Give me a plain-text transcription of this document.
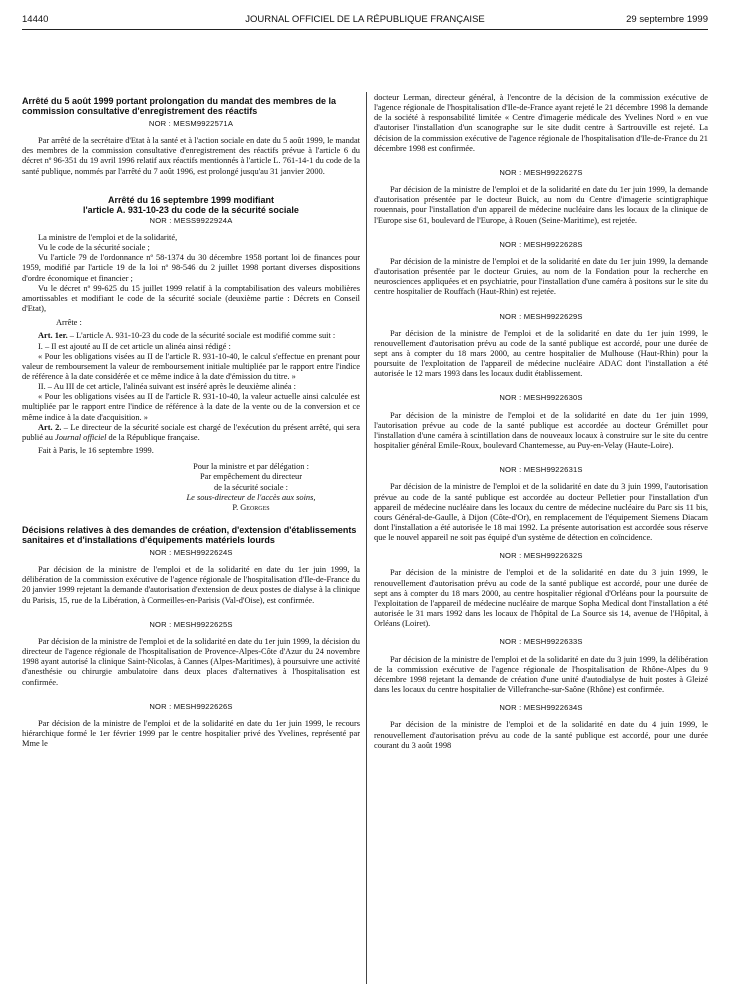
14440	JOURNAL OFFICIEL DE LA RÉPUBLIQUE FRANÇAISE	29 septembre 1999
Arrêté du 5 août 1999 portant prolongation du mandat des membres de la commission consultative d'enregistrement des réactifs
NOR : MESM9922571A

Par arrêté de la secrétaire d'Etat à la santé et à l'action sociale en date du 5 août 1999, le mandat des membres de la commission consultative d'enregistrement des réactifs prévue à l'article 6 du décret nº 96-351 du 19 avril 1996 relatif aux réactifs mentionnés à l'article L. 761-14-1 du code de la santé publique, nommés par l'arrêté du 7 août 1996, est prolongé jusqu'au 31 janvier 2000.

Arrêté du 16 septembre 1999 modifiant
l'article A. 931-10-23 du code de la sécurité sociale
NOR : MESS9922924A

La ministre de l'emploi et de la solidarité,

Vu le code de la sécurité sociale ;

Vu l'article 79 de l'ordonnance nº 58-1374 du 30 décembre 1958 portant loi de finances pour 1959, modifié par l'article 19 de la loi nº 98-546 du 2 juillet 1998 portant diverses dispositions d'ordre économique et financier ;

Vu le décret nº 99-625 du 15 juillet 1999 relatif à la comptabilisation des valeurs mobilières amortissables et modifiant le code de la sécurité sociale (deuxième partie : Décrets en Conseil d'Etat),

Arrête :

Art. 1er. – L'article A. 931-10-23 du code de la sécurité sociale est modifié comme suit :

I. – Il est ajouté au II de cet article un alinéa ainsi rédigé :

« Pour les obligations visées au II de l'article R. 931-10-40, le calcul s'effectue en prenant pour valeur de remboursement la valeur de remboursement initiale multipliée par le rapport entre l'indice de référence à la date considérée et ce même indice à la date d'émission du titre. »

II. – Au III de cet article, l'alinéa suivant est inséré après le deuxième alinéa :

« Pour les obligations visées au II de l'article R. 931-10-40, la valeur actuelle ainsi calculée est multipliée par le rapport entre l'indice de référence à la date de la vente ou de la conversion et ce même indice à la date d'acquisition. »

Art. 2. – Le directeur de la sécurité sociale est chargé de l'exécution du présent arrêté, qui sera publié au Journal officiel de la République française.

Fait à Paris, le 16 septembre 1999.

Pour la ministre et par délégation :
Par empêchement du directeur
de la sécurité sociale :
Le sous-directeur de l'accès aux soins,
P. Georges
Décisions relatives à des demandes de création, d'extension d'établissements sanitaires et d'installations d'équipements matériels lourds
NOR : MESH9922624S

Par décision de la ministre de l'emploi et de la solidarité en date du 1er juin 1999, la délibération de la commission exécutive de l'agence régionale de l'hospitalisation d'Ile-de-France du 20 janvier 1999 rejetant la demande d'autorisation d'extension de deux postes de dialyse à la clinique du Parisis, 15, rue de la Libération, à Cormeilles-en-Parisis (Val-d'Oise), est confirmée.

NOR : MESH9922625S

Par décision de la ministre de l'emploi et de la solidarité en date du 1er juin 1999, la décision du directeur de l'agence régionale de l'hospitalisation de Provence-Alpes-Côte d'Azur du 24 novembre 1998 ayant autorisé la clinique Saint-Nicolas, à Cannes (Alpes-Maritimes), à poursuivre une activité d'anesthésie ou chirurgie ambulatoire dans deux places d'alternatives à l'hospitalisation est confirmée.

NOR : MESH9922626S

Par décision de la ministre de l'emploi et de la solidarité en date du 1er juin 1999, le recours hiérarchique formé le 1er février 1999 par le centre hospitalier privé des Yvelines, représenté par Mme le

docteur Lerman, directeur général, à l'encontre de la décision de la commission exécutive de l'agence régionale de l'hospitalisation d'Ile-de-France ayant rejeté le 21 décembre 1998 la demande de la société à responsabilité limitée « Centre d'imagerie médicale des Yvelines Nord » en vue d'autoriser l'installation d'un scanographe sur le site dudit centre à Sartrouville est rejeté. La décision de la commission exécutive de l'agence régionale de l'hospitalisation d'Ile-de-France du 21 décembre 1998 est confirmée.

NOR : MESH9922627S

Par décision de la ministre de l'emploi et de la solidarité en date du 1er juin 1999, la demande d'autorisation présentée par le docteur Buick, au nom du Centre d'imagerie scintigraphique rouennais, pour l'installation d'un appareil de médecine nucléaire dans les locaux de la clinique de l'Europe sise 61, boulevard de l'Europe, à Rouen (Seine-Maritime), est rejetée.

NOR : MESH9922628S

Par décision de la ministre de l'emploi et de la solidarité en date du 1er juin 1999, la demande d'autorisation présentée par le docteur Gruies, au nom de la Fondation pour la recherche en neurosciences appliquées et en psychiatrie, pour l'installation d'une caméra à positons sur le site du centre hospitalier de Rouffach (Haut-Rhin) est rejetée.

NOR : MESH9922629S

Par décision de la ministre de l'emploi et de la solidarité en date du 1er juin 1999, le renouvellement d'autorisation prévu au code de la santé publique est accordé, pour une durée de sept ans à compter du 18 mars 2000, au centre hospitalier de Mulhouse (Haut-Rhin) pour la poursuite de l'exploitation de l'appareil de médecine nucléaire ADAC dont l'installation a été autorisée le 12 mars 1993 dans les locaux dudit établissement.

NOR : MESH9922630S

Par décision de la ministre de l'emploi et de la solidarité en date du 1er juin 1999, l'autorisation prévue au code de la santé publique est accordée au docteur Grémillet pour l'installation d'une caméra à scintillation dans de nouveaux locaux à construire sur le site du centre hospitalier général Emile-Roux, boulevard Chantemesse, au Puy-en-Velay (Haute-Loire).

NOR : MESH9922631S

Par décision de la ministre de l'emploi et de la solidarité en date du 3 juin 1999, l'autorisation prévue au code de la santé publique est accordée au docteur Pelletier pour l'installation d'un appareil de médecine nucléaire dans les locaux du centre de médecine nucléaire du Parc sis 11 bis, cours Général-de-Gaulle, à Dijon (Côte-d'Or), en remplacement de l'équipement Siemens Diacam dont l'installation a été autorisée le 18 mai 1992. La présente autorisation est accordée sous réserve que le nouvel appareil ne soit pas équipé d'un système de détection en coïncidence.

NOR : MESH9922632S

Par décision de la ministre de l'emploi et de la solidarité en date du 3 juin 1999, le renouvellement d'autorisation prévu au code de la santé publique est accordé, pour une durée de sept ans à compter du 18 mars 2000, au centre hospitalier régional d'Orléans pour la poursuite de l'exploitation de l'appareil de médecine nucléaire de marque Sopha Medical dont l'installation a été autorisée le 31 mars 1992 dans les locaux de l'hôpital de La Source sis 14, avenue de l'Hôpital, à Orléans (Loiret).

NOR : MESH9922633S

Par décision de la ministre de l'emploi et de la solidarité en date du 3 juin 1999, la délibération de la commission exécutive de l'agence régionale de l'hospitalisation de Rhône-Alpes du 9 décembre 1998 rejetant la demande de création d'une unité d'autodialyse de huit postes à Gleizé dans les locaux du centre hospitalier de Villefranche-sur-Saône (Rhône) est confirmée.

NOR : MESH9922634S

Par décision de la ministre de l'emploi et de la solidarité en date du 4 juin 1999, le renouvellement d'autorisation prévu au code de la santé publique est accordé, pour une durée courant du 3 août 1998
